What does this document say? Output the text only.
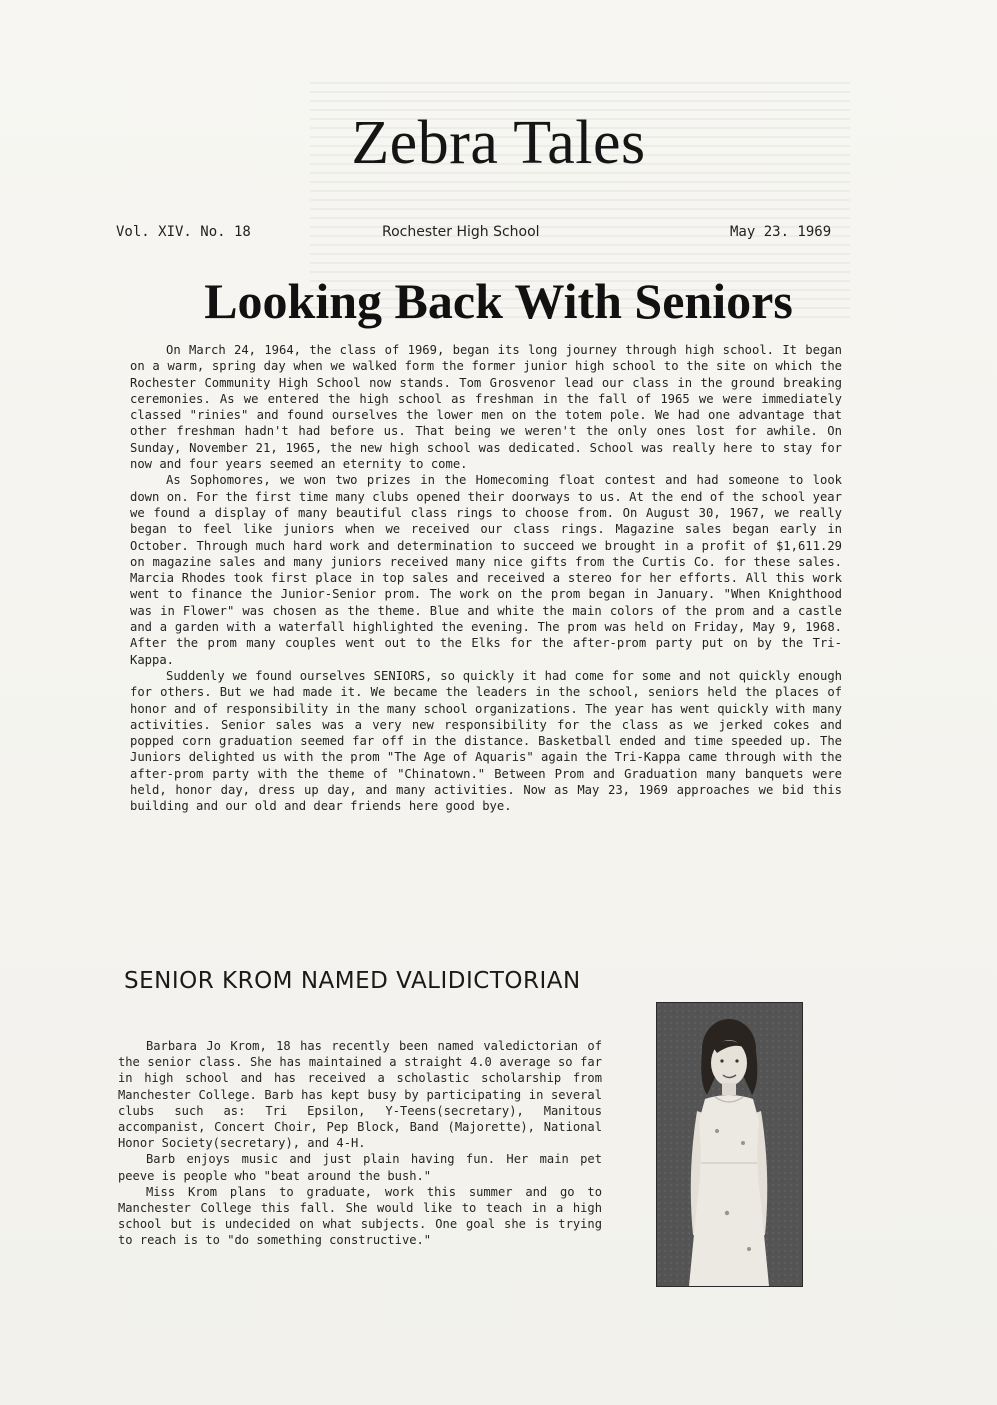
Zebra Tales
Vol. XIV. No. 18	Rochester High School	May 23. 1969
Looking Back With Seniors

On March 24, 1964, the class of 1969, began its long journey through high school. It began on a warm, spring day when we walked form the former junior high school to the site on which the Rochester Community High School now stands. Tom Grosvenor lead our class in the ground breaking ceremonies. As we entered the high school as freshman in the fall of 1965 we were immediately classed "rinies" and found ourselves the lower men on the totem pole. We had one advantage that other freshman hadn't had before us. That being we weren't the only ones lost for awhile. On Sunday, November 21, 1965, the new high school was dedicated. School was really here to stay for now and four years seemed an eternity to come.

As Sophomores, we won two prizes in the Homecoming float contest and had someone to look down on. For the first time many clubs opened their doorways to us. At the end of the school year we found a display of many beautiful class rings to choose from. On August 30, 1967, we really began to feel like juniors when we received our class rings. Magazine sales began early in October. Through much hard work and determination to succeed we brought in a profit of $1,611.29 on magazine sales and many juniors received many nice gifts from the Curtis Co. for these sales. Marcia Rhodes took first place in top sales and received a stereo for her efforts. All this work went to finance the Junior-Senior prom. The work on the prom began in January. "When Knighthood was in Flower" was chosen as the theme. Blue and white the main colors of the prom and a castle and a garden with a waterfall highlighted the evening. The prom was held on Friday, May 9, 1968. After the prom many couples went out to the Elks for the after-prom party put on by the Tri-Kappa.

Suddenly we found ourselves SENIORS, so quickly it had come for some and not quickly enough for others. But we had made it. We became the leaders in the school, seniors held the places of honor and of responsibility in the many school organizations. The year has went quickly with many activities. Senior sales was a very new responsibility for the class as we jerked cokes and popped corn graduation seemed far off in the distance. Basketball ended and time speeded up. The Juniors delighted us with the prom "The Age of Aquaris" again the Tri-Kappa came through with the after-prom party with the theme of "Chinatown." Between Prom and Graduation many banquets were held, honor day, dress up day, and many activities. Now as May 23, 1969 approaches we bid this building and our old and dear friends here good bye.

SENIOR KROM NAMED VALIDICTORIAN

Barbara Jo Krom, 18 has recently been named valedictorian of the senior class. She has maintained a straight 4.0 average so far in high school and has received a scholastic scholarship from Manchester College. Barb has kept busy by participating in several clubs such as: Tri Epsilon, Y-Teens(secretary), Manitous accompanist, Concert Choir, Pep Block, Band (Majorette), National Honor Society(secretary), and 4-H.

Barb enjoys music and just plain having fun. Her main pet peeve is people who "beat around the bush."

Miss Krom plans to graduate, work this summer and go to Manchester College this fall. She would like to teach in a high school but is undecided on what subjects. One goal she is trying to reach is to "do something constructive."
